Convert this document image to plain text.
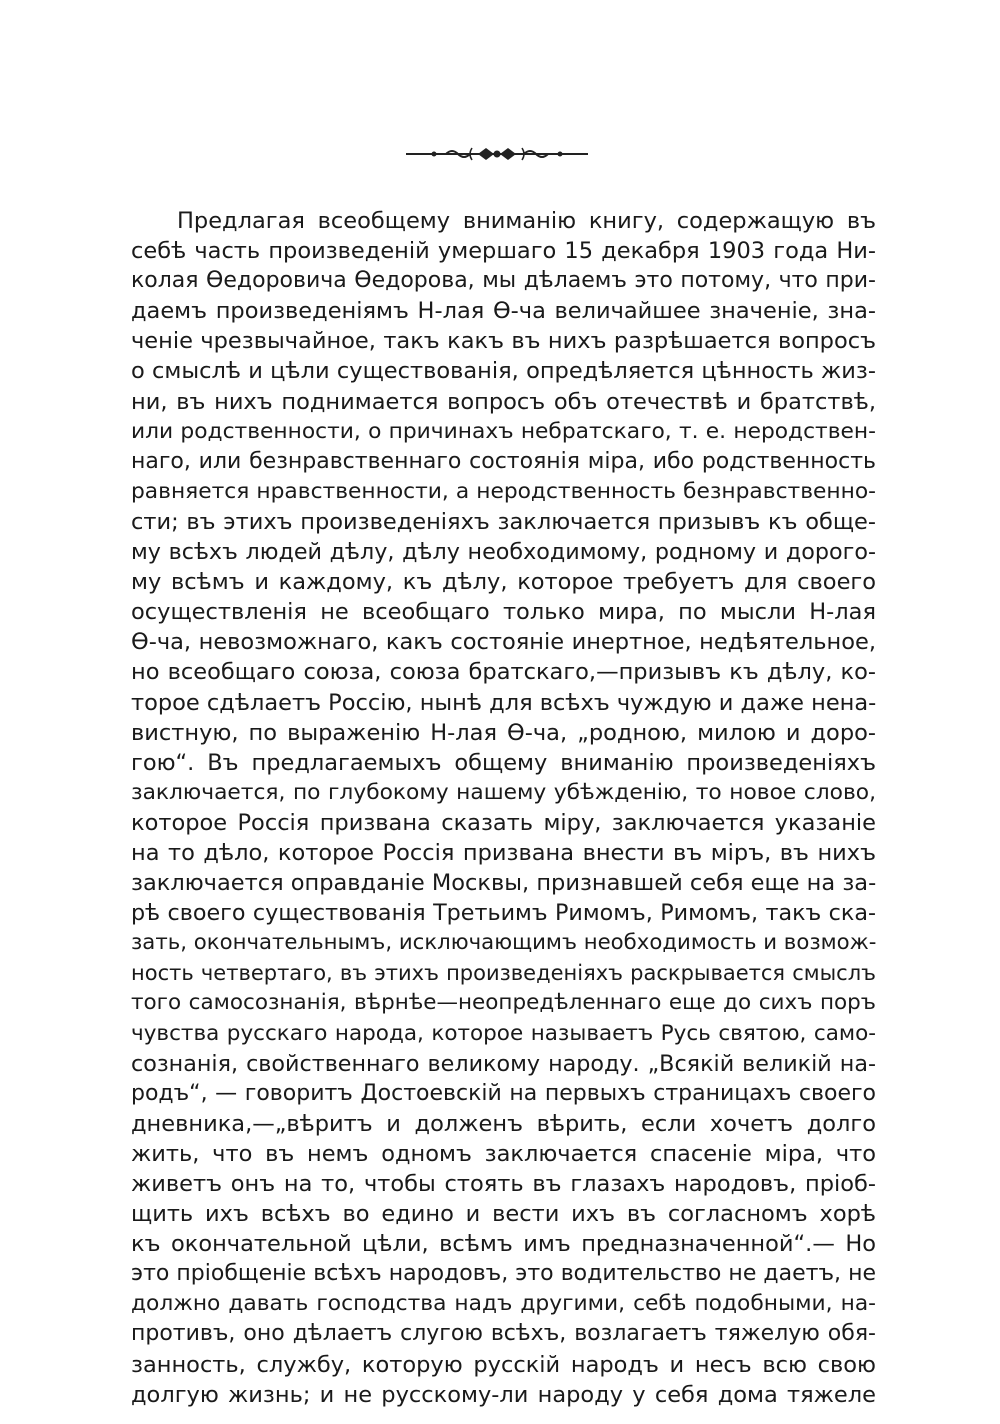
Предлагая всеобщему вниманію книгу, содержащую въ
себѣ часть произведеній умершаго 15 декабря 1903 года Ни-
колая Ѳедоровича Ѳедорова, мы дѣлаемъ это потому, что при-
даемъ произведеніямъ Н-лая Ѳ-ча величайшее значеніе, зна-
ченіе чрезвычайное, такъ какъ въ нихъ разрѣшается вопросъ
о смыслѣ и цѣли существованія, опредѣляется цѣнность жиз-
ни, въ нихъ поднимается вопросъ объ отечествѣ и братствѣ,
или родственности, о причинахъ небратскаго, т. е. неродствен-
наго, или безнравственнаго состоянія міра, ибо родственность
равняется нравственности, а неродственность безнравственно-
сти; въ этихъ произведеніяхъ заключается призывъ къ обще-
му всѣхъ людей дѣлу, дѣлу необходимому, родному и дорого-
му всѣмъ и каждому, къ дѣлу, которое требуетъ для своего
осуществленія не всеобщаго только мира, по мысли Н-лая
Ѳ-ча, невозможнаго, какъ состояніе инертное, недѣятельное,
но всеобщаго союза, союза братскаго,—призывъ къ дѣлу, ко-
торое сдѣлаетъ Россію, нынѣ для всѣхъ чуждую и даже нена-
вистную, по выраженію Н-лая Ѳ-ча, „родною, милою и доро-
гою“. Въ предлагаемыхъ общему вниманію произведеніяхъ
заключается, по глубокому нашему убѣжденію, то новое слово,
которое Россія призвана сказать міру, заключается указаніе
на то дѣло, которое Россія призвана внести въ міръ, въ нихъ
заключается оправданіе Москвы, признавшей себя еще на за-
рѣ своего существованія Третьимъ Римомъ, Римомъ, такъ ска-
зать, окончательнымъ, исключающимъ необходимость и возмож-
ность четвертаго, въ этихъ произведеніяхъ раскрывается смыслъ
того самосознанія, вѣрнѣе—неопредѣленнаго еще до сихъ поръ
чувства русскаго народа, которое называетъ Русь святою, само-
сознанія, свойственнаго великому народу. „Всякій великій на-
родъ“, — говоритъ Достоевскій на первыхъ страницахъ своего
дневника,—„вѣритъ и долженъ вѣрить, если хочетъ долго
жить, что въ немъ одномъ заключается спасеніе міра, что
живетъ онъ на то, чтобы стоять въ глазахъ народовъ, пріоб-
щить ихъ всѣхъ во едино и вести ихъ въ согласномъ хорѣ
къ окончательной цѣли, всѣмъ имъ предназначенной“.— Но
это пріобщеніе всѣхъ народовъ, это водительство не даетъ, не
должно давать господства надъ другими, себѣ подобными, на-
противъ, оно дѣлаетъ слугою всѣхъ, возлагаетъ тяжелую обя-
занность, службу, которую русскій народъ и несъ всю свою
долгую жизнь; и не русскому-ли народу у себя дома тяжеле
